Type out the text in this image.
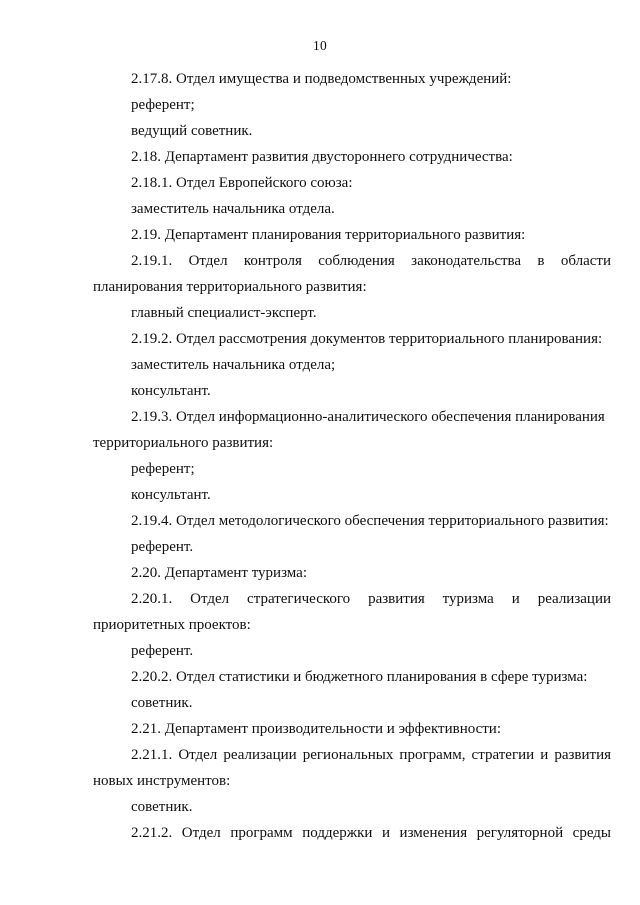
10
2.17.8. Отдел имущества и подведомственных учреждений:
референт;
ведущий советник.
2.18. Департамент развития двустороннего сотрудничества:
2.18.1. Отдел Европейского союза:
заместитель начальника отдела.
2.19. Департамент планирования территориального развития:
2.19.1. Отдел контроля соблюдения законодательства в области
планирования территориального развития:
главный специалист-эксперт.
2.19.2. Отдел рассмотрения документов территориального планирования:
заместитель начальника отдела;
консультант.
2.19.3. Отдел информационно-аналитического обеспечения планирования
территориального развития:
референт;
консультант.
2.19.4. Отдел методологического обеспечения территориального развития:
референт.
2.20. Департамент туризма:
2.20.1. Отдел стратегического развития туризма и реализации
приоритетных проектов:
референт.
2.20.2. Отдел статистики и бюджетного планирования в сфере туризма:
советник.
2.21. Департамент производительности и эффективности:
2.21.1. Отдел реализации региональных программ, стратегии и развития
новых инструментов:
советник.
2.21.2. Отдел программ поддержки и изменения регуляторной среды
